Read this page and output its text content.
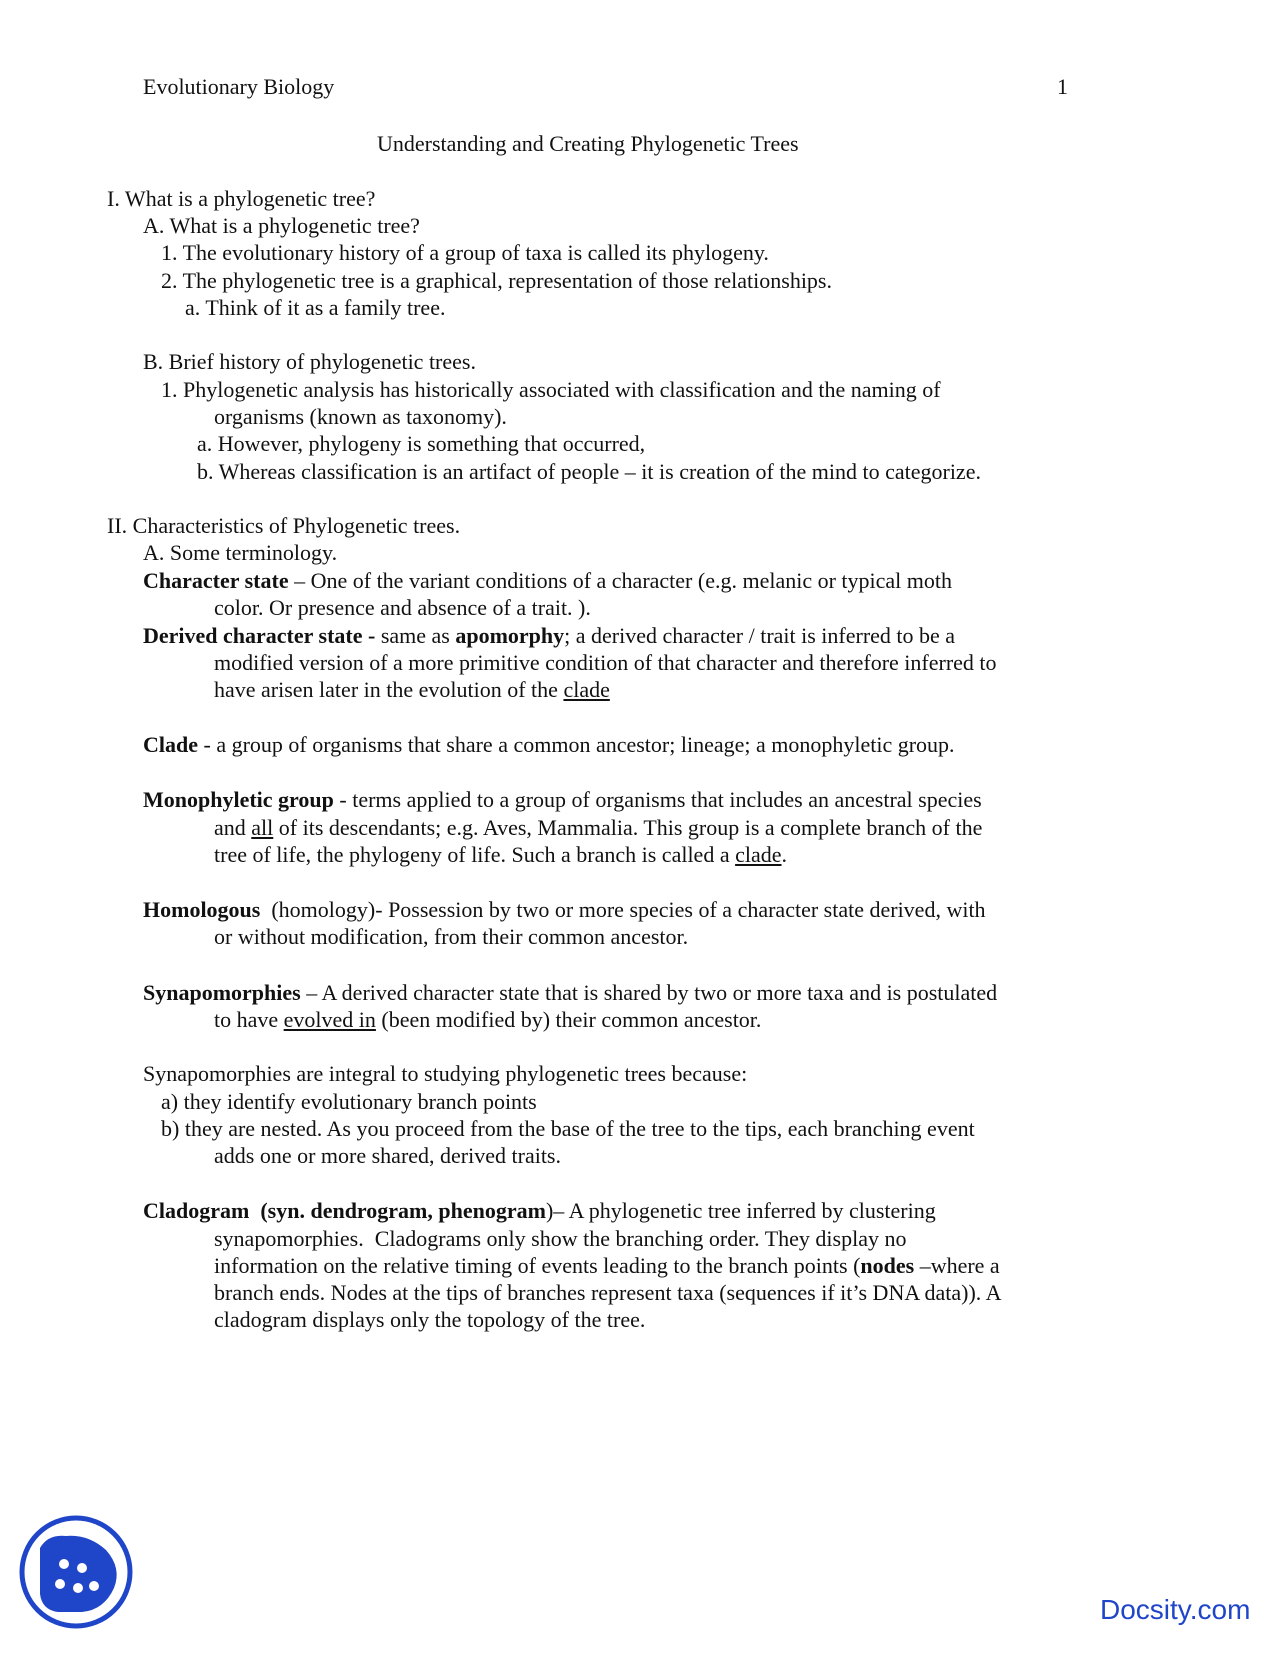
Evolutionary Biology	1
Understanding and Creating Phylogenetic Trees
I. What is a phylogenetic tree?
A. What is a phylogenetic tree?
1. The evolutionary history of a group of taxa is called its phylogeny.
2. The phylogenetic tree is a graphical, representation of those relationships.
a. Think of it as a family tree.
B. Brief history of phylogenetic trees.
1. Phylogenetic analysis has historically associated with classification and the naming of
organisms (known as taxonomy).
a. However, phylogeny is something that occurred,
b. Whereas classification is an artifact of people – it is creation of the mind to categorize.
II. Characteristics of Phylogenetic trees.
A. Some terminology.
Character state – One of the variant conditions of a character (e.g. melanic or typical moth
color. Or presence and absence of a trait. ).
Derived character state - same as apomorphy; a derived character / trait is inferred to be a
modified version of a more primitive condition of that character and therefore inferred to
have arisen later in the evolution of the clade
Clade - a group of organisms that share a common ancestor; lineage; a monophyletic group.
Monophyletic group - terms applied to a group of organisms that includes an ancestral species
and all of its descendants; e.g. Aves, Mammalia. This group is a complete branch of the
tree of life, the phylogeny of life. Such a branch is called a clade.
Homologous  (homology)- Possession by two or more species of a character state derived, with
or without modification, from their common ancestor.
Synapomorphies – A derived character state that is shared by two or more taxa and is postulated
to have evolved in (been modified by) their common ancestor.
Synapomorphies are integral to studying phylogenetic trees because:
a) they identify evolutionary branch points
b) they are nested. As you proceed from the base of the tree to the tips, each branching event
adds one or more shared, derived traits.
Cladogram  (syn. dendrogram, phenogram)– A phylogenetic tree inferred by clustering
synapomorphies.  Cladograms only show the branching order. They display no
information on the relative timing of events leading to the branch points (nodes –where a
branch ends. Nodes at the tips of branches represent taxa (sequences if it’s DNA data)). A
cladogram displays only the topology of the tree.
Docsity.com
